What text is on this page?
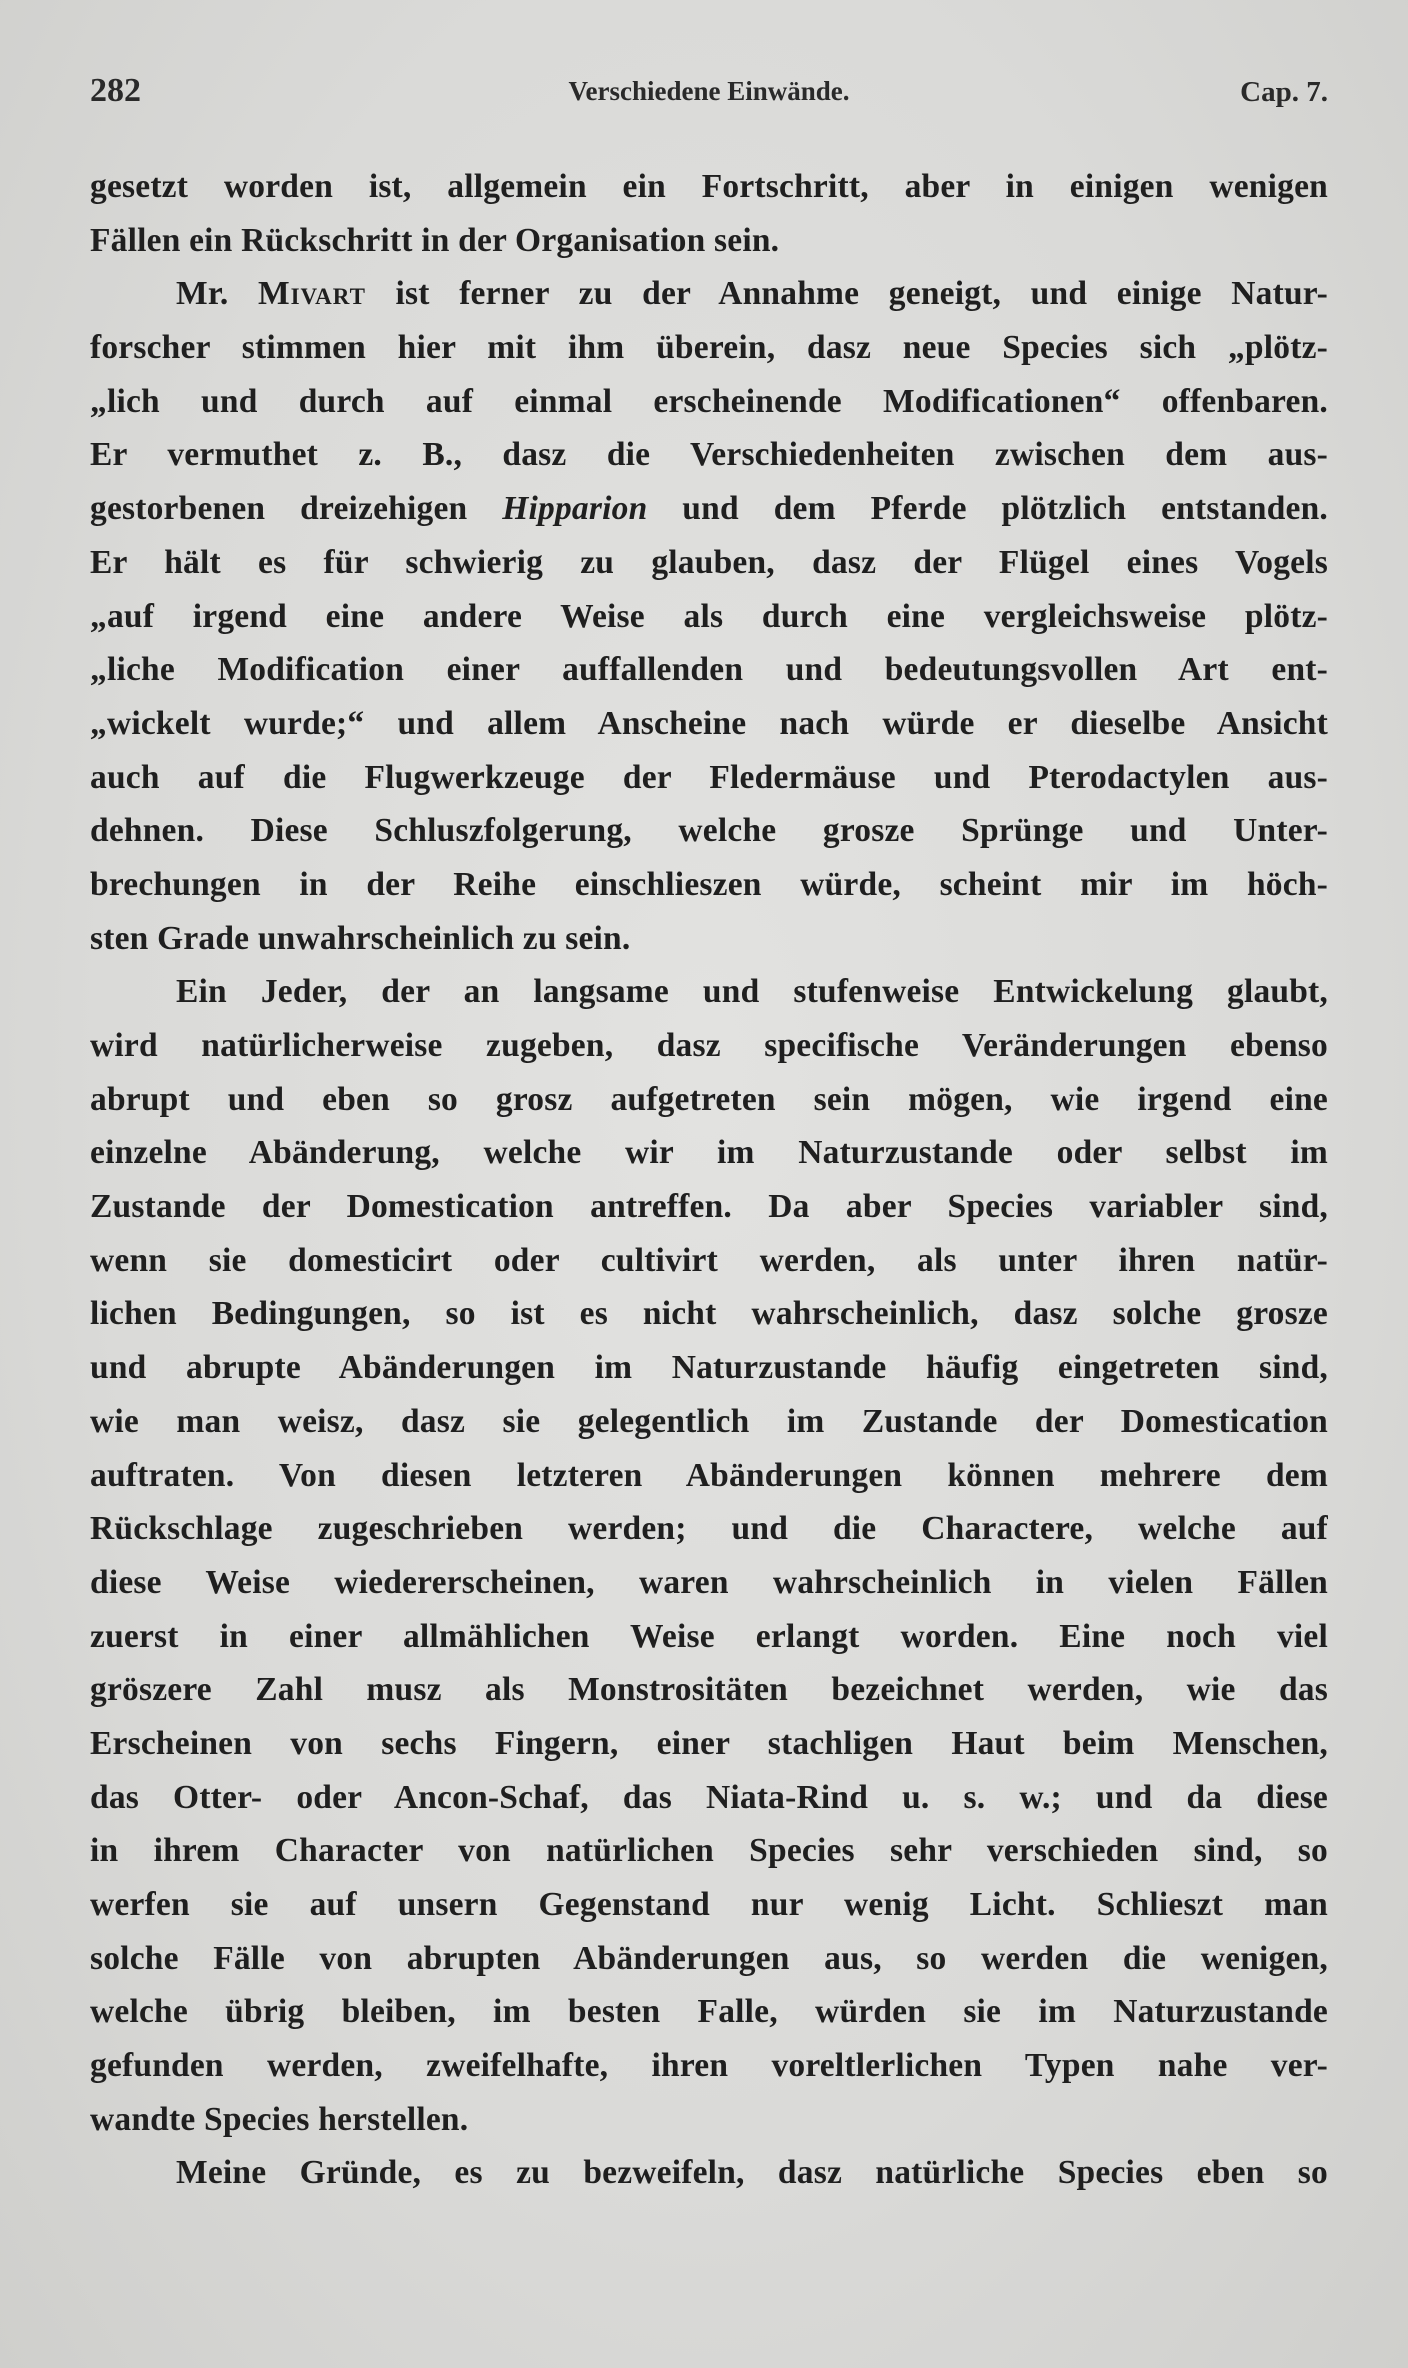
282	Verschiedene Einwände.	Cap. 7.
gesetzt worden ist, allgemein ein Fortschritt, aber in einigen wenigen
Fällen ein Rückschritt in der Organisation sein.
Mr. Mivart ist ferner zu der Annahme geneigt, und einige Natur-
forscher stimmen hier mit ihm überein, dasz neue Species sich „plötz-
„lich und durch auf einmal erscheinende Modificationen“ offenbaren.
Er vermuthet z. B., dasz die Verschiedenheiten zwischen dem aus-
gestorbenen dreizehigen Hipparion und dem Pferde plötzlich entstanden.
Er hält es für schwierig zu glauben, dasz der Flügel eines Vogels
„auf irgend eine andere Weise als durch eine vergleichsweise plötz-
„liche Modification einer auffallenden und bedeutungsvollen Art ent-
„wickelt wurde;“ und allem Anscheine nach würde er dieselbe Ansicht
auch auf die Flugwerkzeuge der Fledermäuse und Pterodactylen aus-
dehnen. Diese Schluszfolgerung, welche grosze Sprünge und Unter-
brechungen in der Reihe einschlieszen würde, scheint mir im höch-
sten Grade unwahrscheinlich zu sein.
Ein Jeder, der an langsame und stufenweise Entwickelung glaubt,
wird natürlicherweise zugeben, dasz specifische Veränderungen ebenso
abrupt und eben so grosz aufgetreten sein mögen, wie irgend eine
einzelne Abänderung, welche wir im Naturzustande oder selbst im
Zustande der Domestication antreffen. Da aber Species variabler sind,
wenn sie domesticirt oder cultivirt werden, als unter ihren natür-
lichen Bedingungen, so ist es nicht wahrscheinlich, dasz solche grosze
und abrupte Abänderungen im Naturzustande häufig eingetreten sind,
wie man weisz, dasz sie gelegentlich im Zustande der Domestication
auftraten. Von diesen letzteren Abänderungen können mehrere dem
Rückschlage zugeschrieben werden; und die Charactere, welche auf
diese Weise wiedererscheinen, waren wahrscheinlich in vielen Fällen
zuerst in einer allmählichen Weise erlangt worden. Eine noch viel
gröszere Zahl musz als Monstrositäten bezeichnet werden, wie das
Erscheinen von sechs Fingern, einer stachligen Haut beim Menschen,
das Otter- oder Ancon-Schaf, das Niata-Rind u. s. w.; und da diese
in ihrem Character von natürlichen Species sehr verschieden sind, so
werfen sie auf unsern Gegenstand nur wenig Licht. Schlieszt man
solche Fälle von abrupten Abänderungen aus, so werden die wenigen,
welche übrig bleiben, im besten Falle, würden sie im Naturzustande
gefunden werden, zweifelhafte, ihren voreltlerlichen Typen nahe ver-
wandte Species herstellen.
Meine Gründe, es zu bezweifeln, dasz natürliche Species eben so
